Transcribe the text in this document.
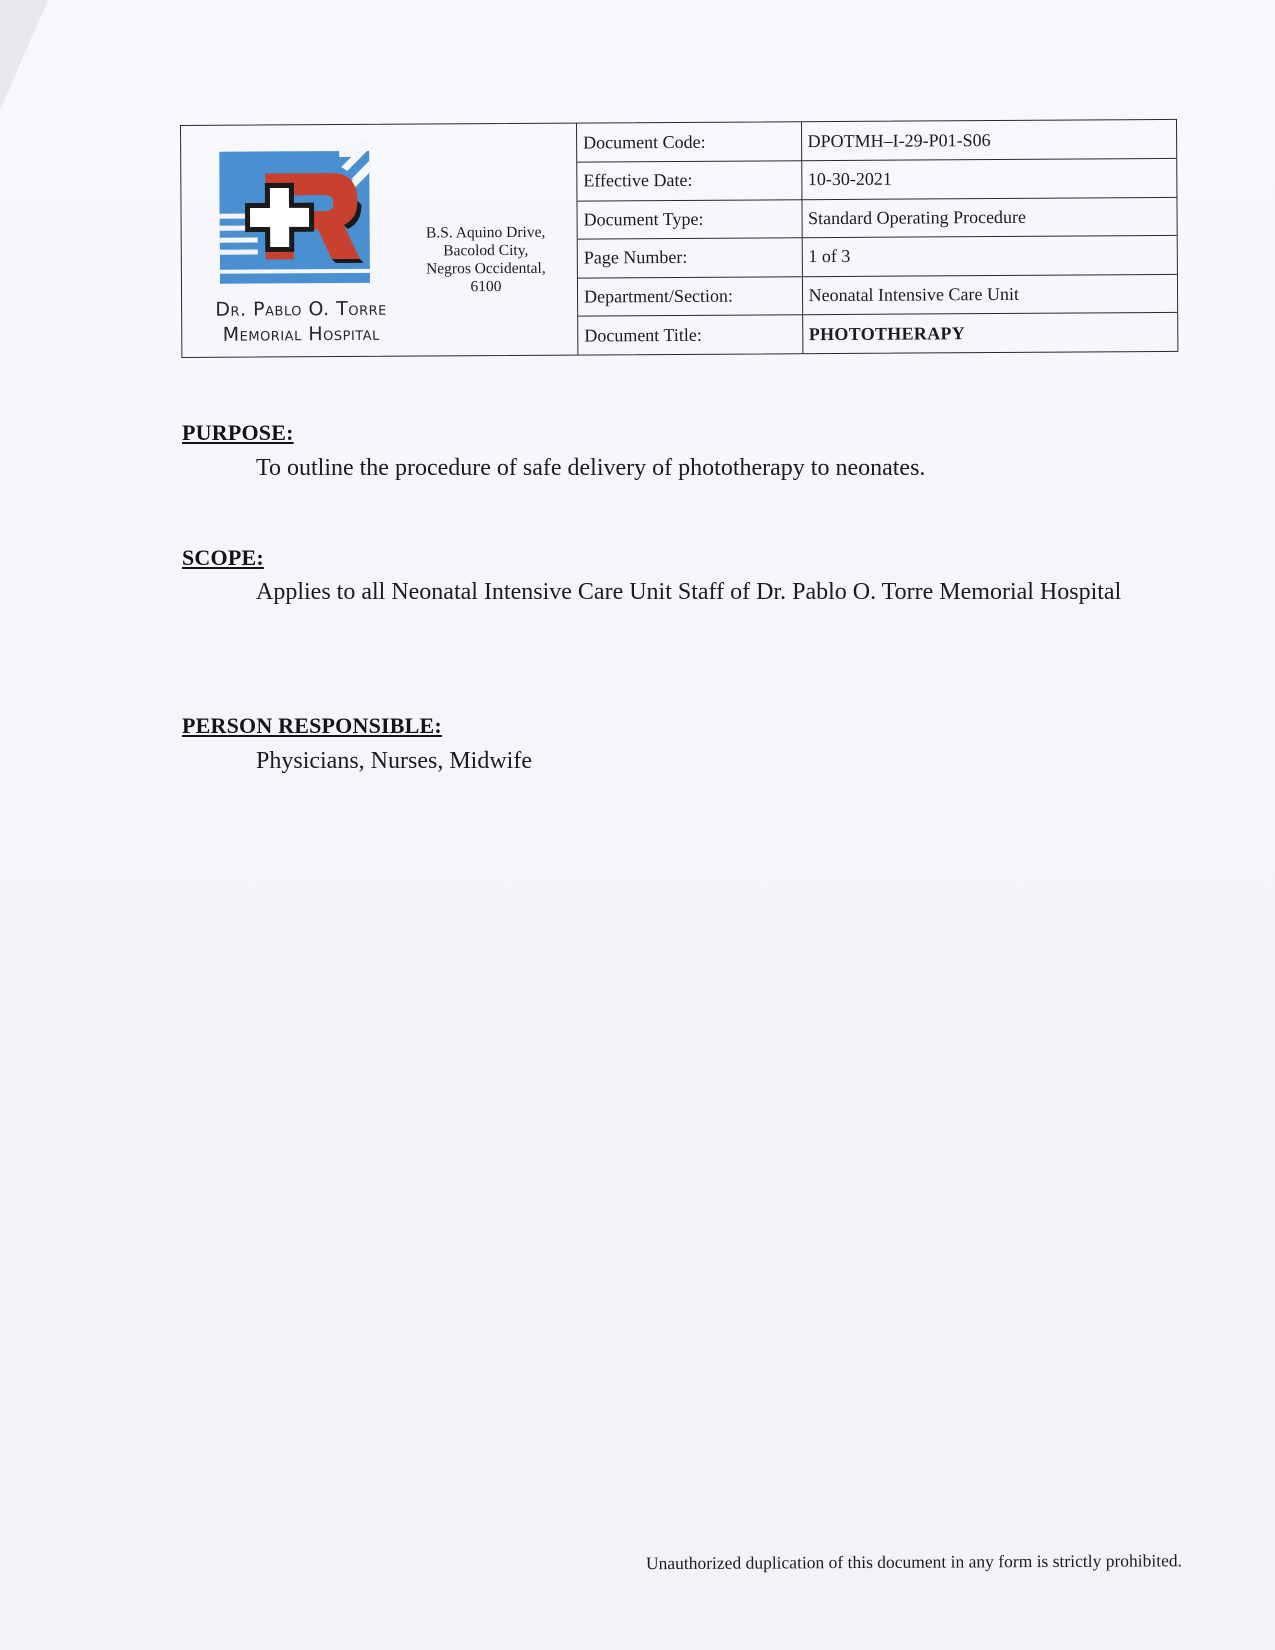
Dr. Pablo O. Torre
Memorial Hospital
B.S. Aquino Drive,
Bacolod City,
Negros Occidental,
6100
Document Code:	DPOTMH–I-29-P01-S06
Effective Date:	10-30-2021
Document Type:	Standard Operating Procedure
Page Number:	1 of 3
Department/Section:	Neonatal Intensive Care Unit
Document Title:	PHOTOTHERAPY
PURPOSE:
To outline the procedure of safe delivery of phototherapy to neonates.
SCOPE:
Applies to all Neonatal Intensive Care Unit Staff of Dr. Pablo O. Torre Memorial Hospital
PERSON RESPONSIBLE:
Physicians, Nurses, Midwife
Unauthorized duplication of this document in any form is strictly prohibited.
